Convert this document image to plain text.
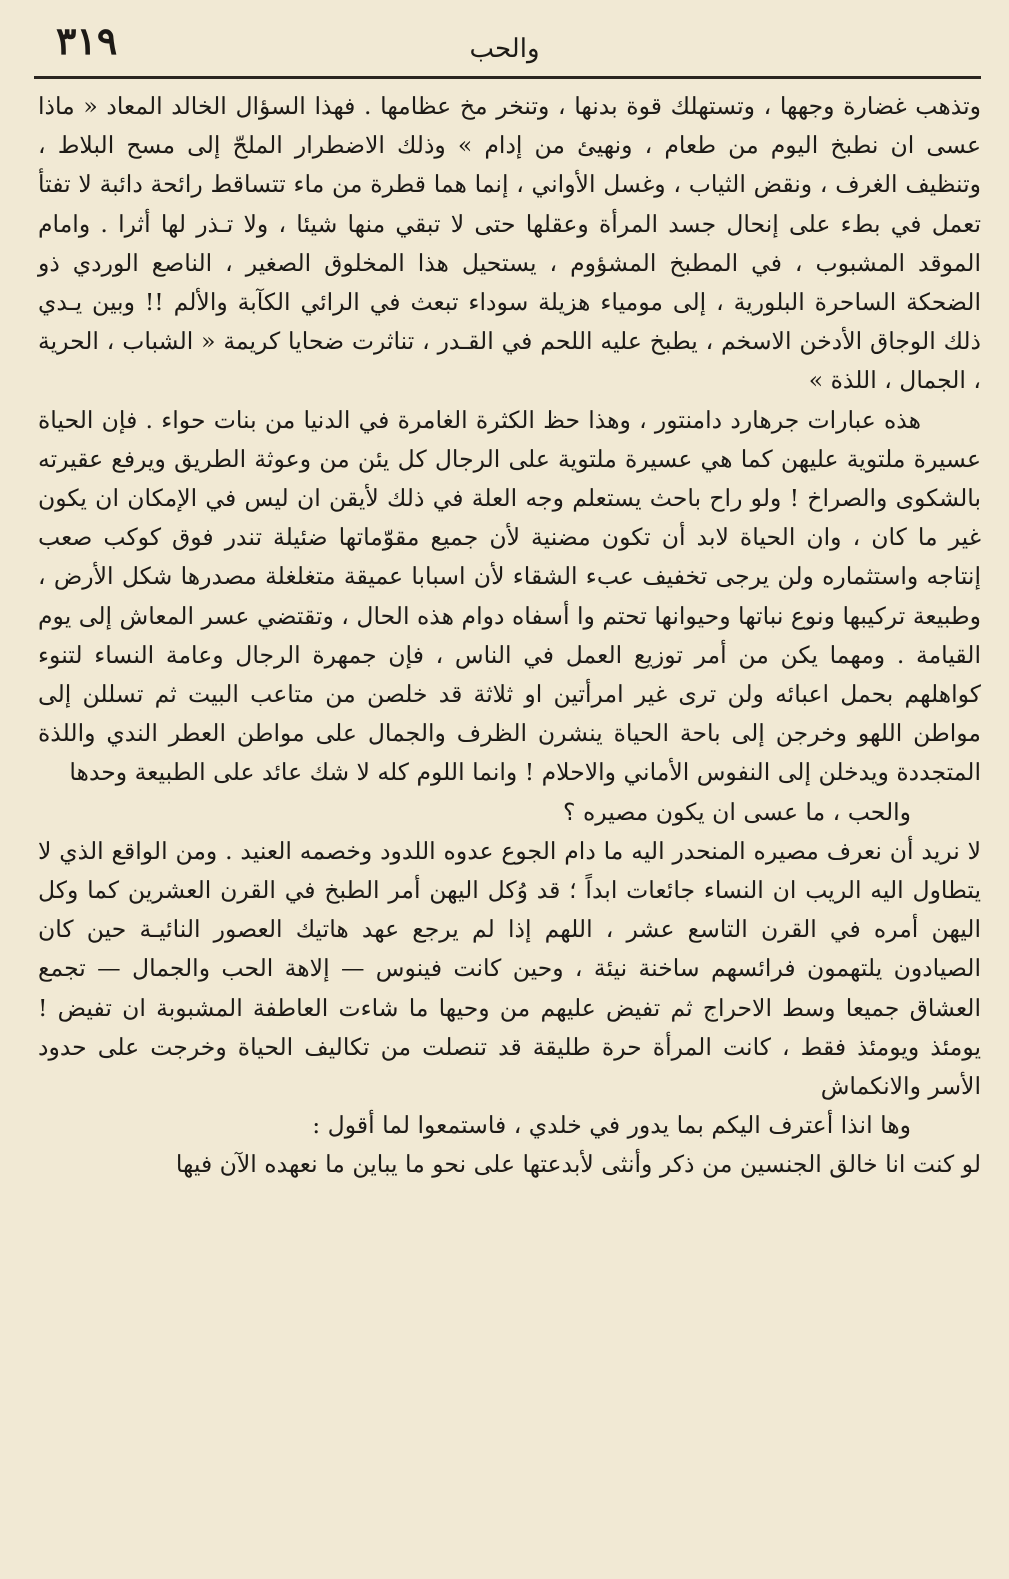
٣١٩	والحب

وتذهب غضارة وجهها ، وتستهلك قوة بدنها ، وتنخر مخ عظامها . فهذا السؤال الخالد المعاد « ماذا عسى ان نطبخ اليوم من طعام ، ونهيئ من إدام » وذلك الاضطرار الملحّ إلى مسح البلاط ، وتنظيف الغرف ، ونقض الثياب ، وغسل الأواني ، إنما هما قطرة من ماء تتساقط رائحة دائبة لا تفتأ تعمل في بطء على إنحال جسد المرأة وعقلها حتى لا تبقي منها شيئا ، ولا تـذر لها أثرا . وامام الموقد المشبوب ، في المطبخ المشؤوم ، يستحيل هذا المخلوق الصغير ، الناصع الوردي ذو الضحكة الساحرة البلورية ، إلى مومياء هزيلة سوداء تبعث في الرائي الكآبة والألم !! وبين يـدي ذلك الوجاق الأدخن الاسخم ، يطبخ عليه اللحم في القـدر ، تناثرت ضحايا كريمة « الشباب ، الحرية ، الجمال ، اللذة »

هذه عبارات جرهارد دامنتور ، وهذا حظ الكثرة الغامرة في الدنيا من بنات حواء . فإن الحياة عسيرة ملتوية عليهن كما هي عسيرة ملتوية على الرجال كل يئن من وعوثة الطريق ويرفع عقيرته بالشكوى والصراخ ! ولو راح باحث يستعلم وجه العلة في ذلك لأيقن ان ليس في الإمكان ان يكون غير ما كان ، وان الحياة لابد أن تكون مضنية لأن جميع مقوّماتها ضئيلة تندر فوق كوكب صعب إنتاجه واستثماره ولن يرجى تخفيف عبء الشقاء لأن اسبابا عميقة متغلغلة مصدرها شكل الأرض ، وطبيعة تركيبها ونوع نباتها وحيوانها تحتم وا أسفاه دوام هذه الحال ، وتقتضي عسر المعاش إلى يوم القيامة . ومهما يكن من أمر توزيع العمل في الناس ، فإن جمهرة الرجال وعامة النساء لتنوء كواهلهم بحمل اعبائه ولن ترى غير امرأتين او ثلاثة قد خلصن من متاعب البيت ثم تسللن إلى مواطن اللهو وخرجن إلى باحة الحياة ينشرن الظرف والجمال على مواطن العطر الندي واللذة المتجددة ويدخلن إلى النفوس الأماني والاحلام ! وانما اللوم كله لا شك عائد على الطبيعة وحدها

والحب ، ما عسى ان يكون مصيره ؟

لا نريد أن نعرف مصيره المنحدر اليه ما دام الجوع عدوه اللدود وخصمه العنيد . ومن الواقع الذي لا يتطاول اليه الريب ان النساء جائعات ابداً ؛ قد وُكل اليهن أمر الطبخ في القرن العشرين كما وكل اليهن أمره في القرن التاسع عشر ، اللهم إذا لم يرجع عهد هاتيك العصور النائيـة حين كان الصيادون يلتهمون فرائسهم ساخنة نيئة ، وحين كانت فينوس — إلاهة الحب والجمال — تجمع العشاق جميعا وسط الاحراج ثم تفيض عليهم من وحيها ما شاءت العاطفة المشبوبة ان تفيض ! يومئذ ويومئذ فقط ، كانت المرأة حرة طليقة قد تنصلت من تكاليف الحياة وخرجت على حدود الأسر والانكماش

وها انذا أعترف اليكم بما يدور في خلدي ، فاستمعوا لما أقول :

لو كنت انا خالق الجنسين من ذكر وأنثى لأبدعتها على نحو ما يباين ما نعهده الآن فيها
